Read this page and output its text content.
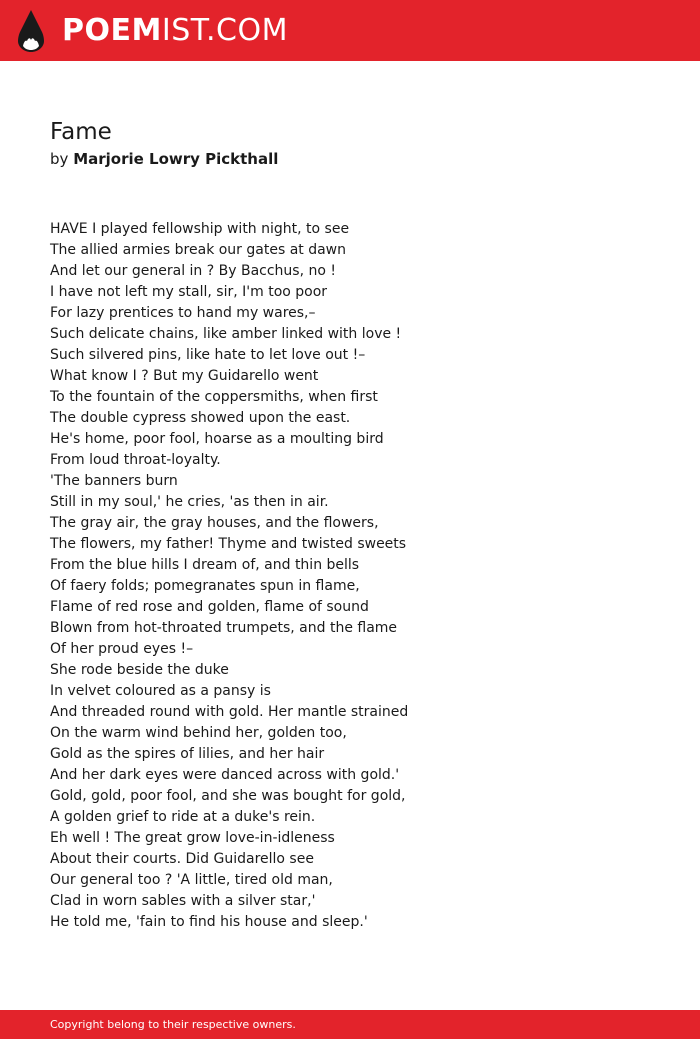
POEMIST.COM
Fame
by Marjorie Lowry Pickthall
HAVE I played fellowship with night, to see
The allied armies break our gates at dawn
And let our general in ? By Bacchus, no !
I have not left my stall, sir, I'm too poor
For lazy prentices to hand my wares,–
Such delicate chains, like amber linked with love !
Such silvered pins, like hate to let love out !–
What know I ? But my Guidarello went
To the fountain of the coppersmiths, when first
The double cypress showed upon the east.
He's home, poor fool, hoarse as a moulting bird
From loud throat-loyalty.
'The banners burn
Still in my soul,' he cries, 'as then in air.
The gray air, the gray houses, and the flowers,
The flowers, my father! Thyme and twisted sweets
From the blue hills I dream of, and thin bells
Of faery folds; pomegranates spun in flame,
Flame of red rose and golden, flame of sound
Blown from hot-throated trumpets, and the flame
Of her proud eyes !–
She rode beside the duke
In velvet coloured as a pansy is
And threaded round with gold. Her mantle strained
On the warm wind behind her, golden too,
Gold as the spires of lilies, and her hair
And her dark eyes were danced across with gold.'
Gold, gold, poor fool, and she was bought for gold,
A golden grief to ride at a duke's rein.
Eh well ! The great grow love-in-idleness
About their courts. Did Guidarello see
Our general too ? 'A little, tired old man,
Clad in worn sables with a silver star,'
He told me, 'fain to find his house and sleep.'
Copyright belong to their respective owners.
